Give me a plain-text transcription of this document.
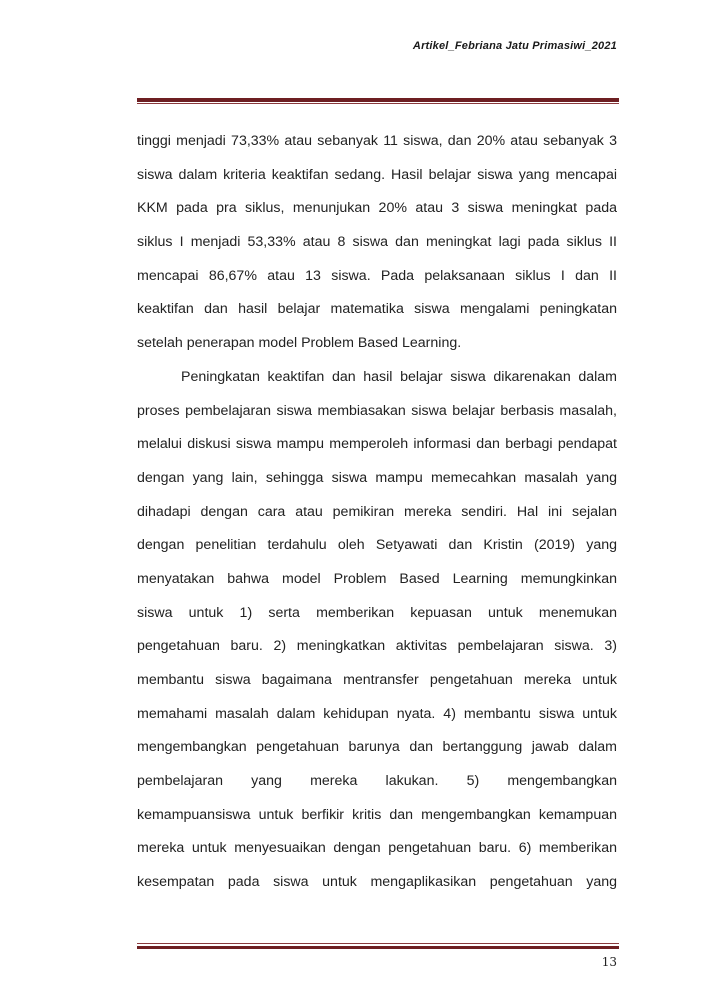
Artikel_Febriana Jatu Primasiwi_2021
tinggi menjadi 73,33% atau sebanyak 11 siswa, dan 20% atau sebanyak 3
siswa dalam kriteria keaktifan sedang. Hasil belajar siswa yang mencapai
KKM pada pra siklus, menunjukan 20% atau 3 siswa meningkat pada
siklus I menjadi 53,33% atau 8 siswa dan meningkat lagi pada siklus II
mencapai 86,67% atau 13 siswa. Pada pelaksanaan siklus I dan II
keaktifan dan hasil belajar matematika siswa mengalami peningkatan
setelah penerapan model Problem Based Learning.
Peningkatan keaktifan dan hasil belajar siswa dikarenakan dalam
proses pembelajaran siswa membiasakan siswa belajar berbasis masalah,
melalui diskusi siswa mampu memperoleh informasi dan berbagi pendapat
dengan yang lain, sehingga siswa mampu memecahkan masalah yang
dihadapi dengan cara atau pemikiran mereka sendiri. Hal ini sejalan
dengan penelitian terdahulu oleh Setyawati dan Kristin (2019) yang
menyatakan bahwa model Problem Based Learning memungkinkan
siswa untuk 1) serta memberikan kepuasan untuk menemukan
pengetahuan baru. 2) meningkatkan aktivitas pembelajaran siswa. 3)
membantu siswa bagaimana mentransfer pengetahuan mereka untuk
memahami masalah dalam kehidupan nyata. 4) membantu siswa untuk
mengembangkan pengetahuan barunya dan bertanggung jawab dalam
pembelajaran yang mereka lakukan. 5) mengembangkan
kemampuansiswa untuk berfikir kritis dan mengembangkan kemampuan
mereka untuk menyesuaikan dengan pengetahuan baru. 6) memberikan
kesempatan pada siswa untuk mengaplikasikan pengetahuan yang
13
